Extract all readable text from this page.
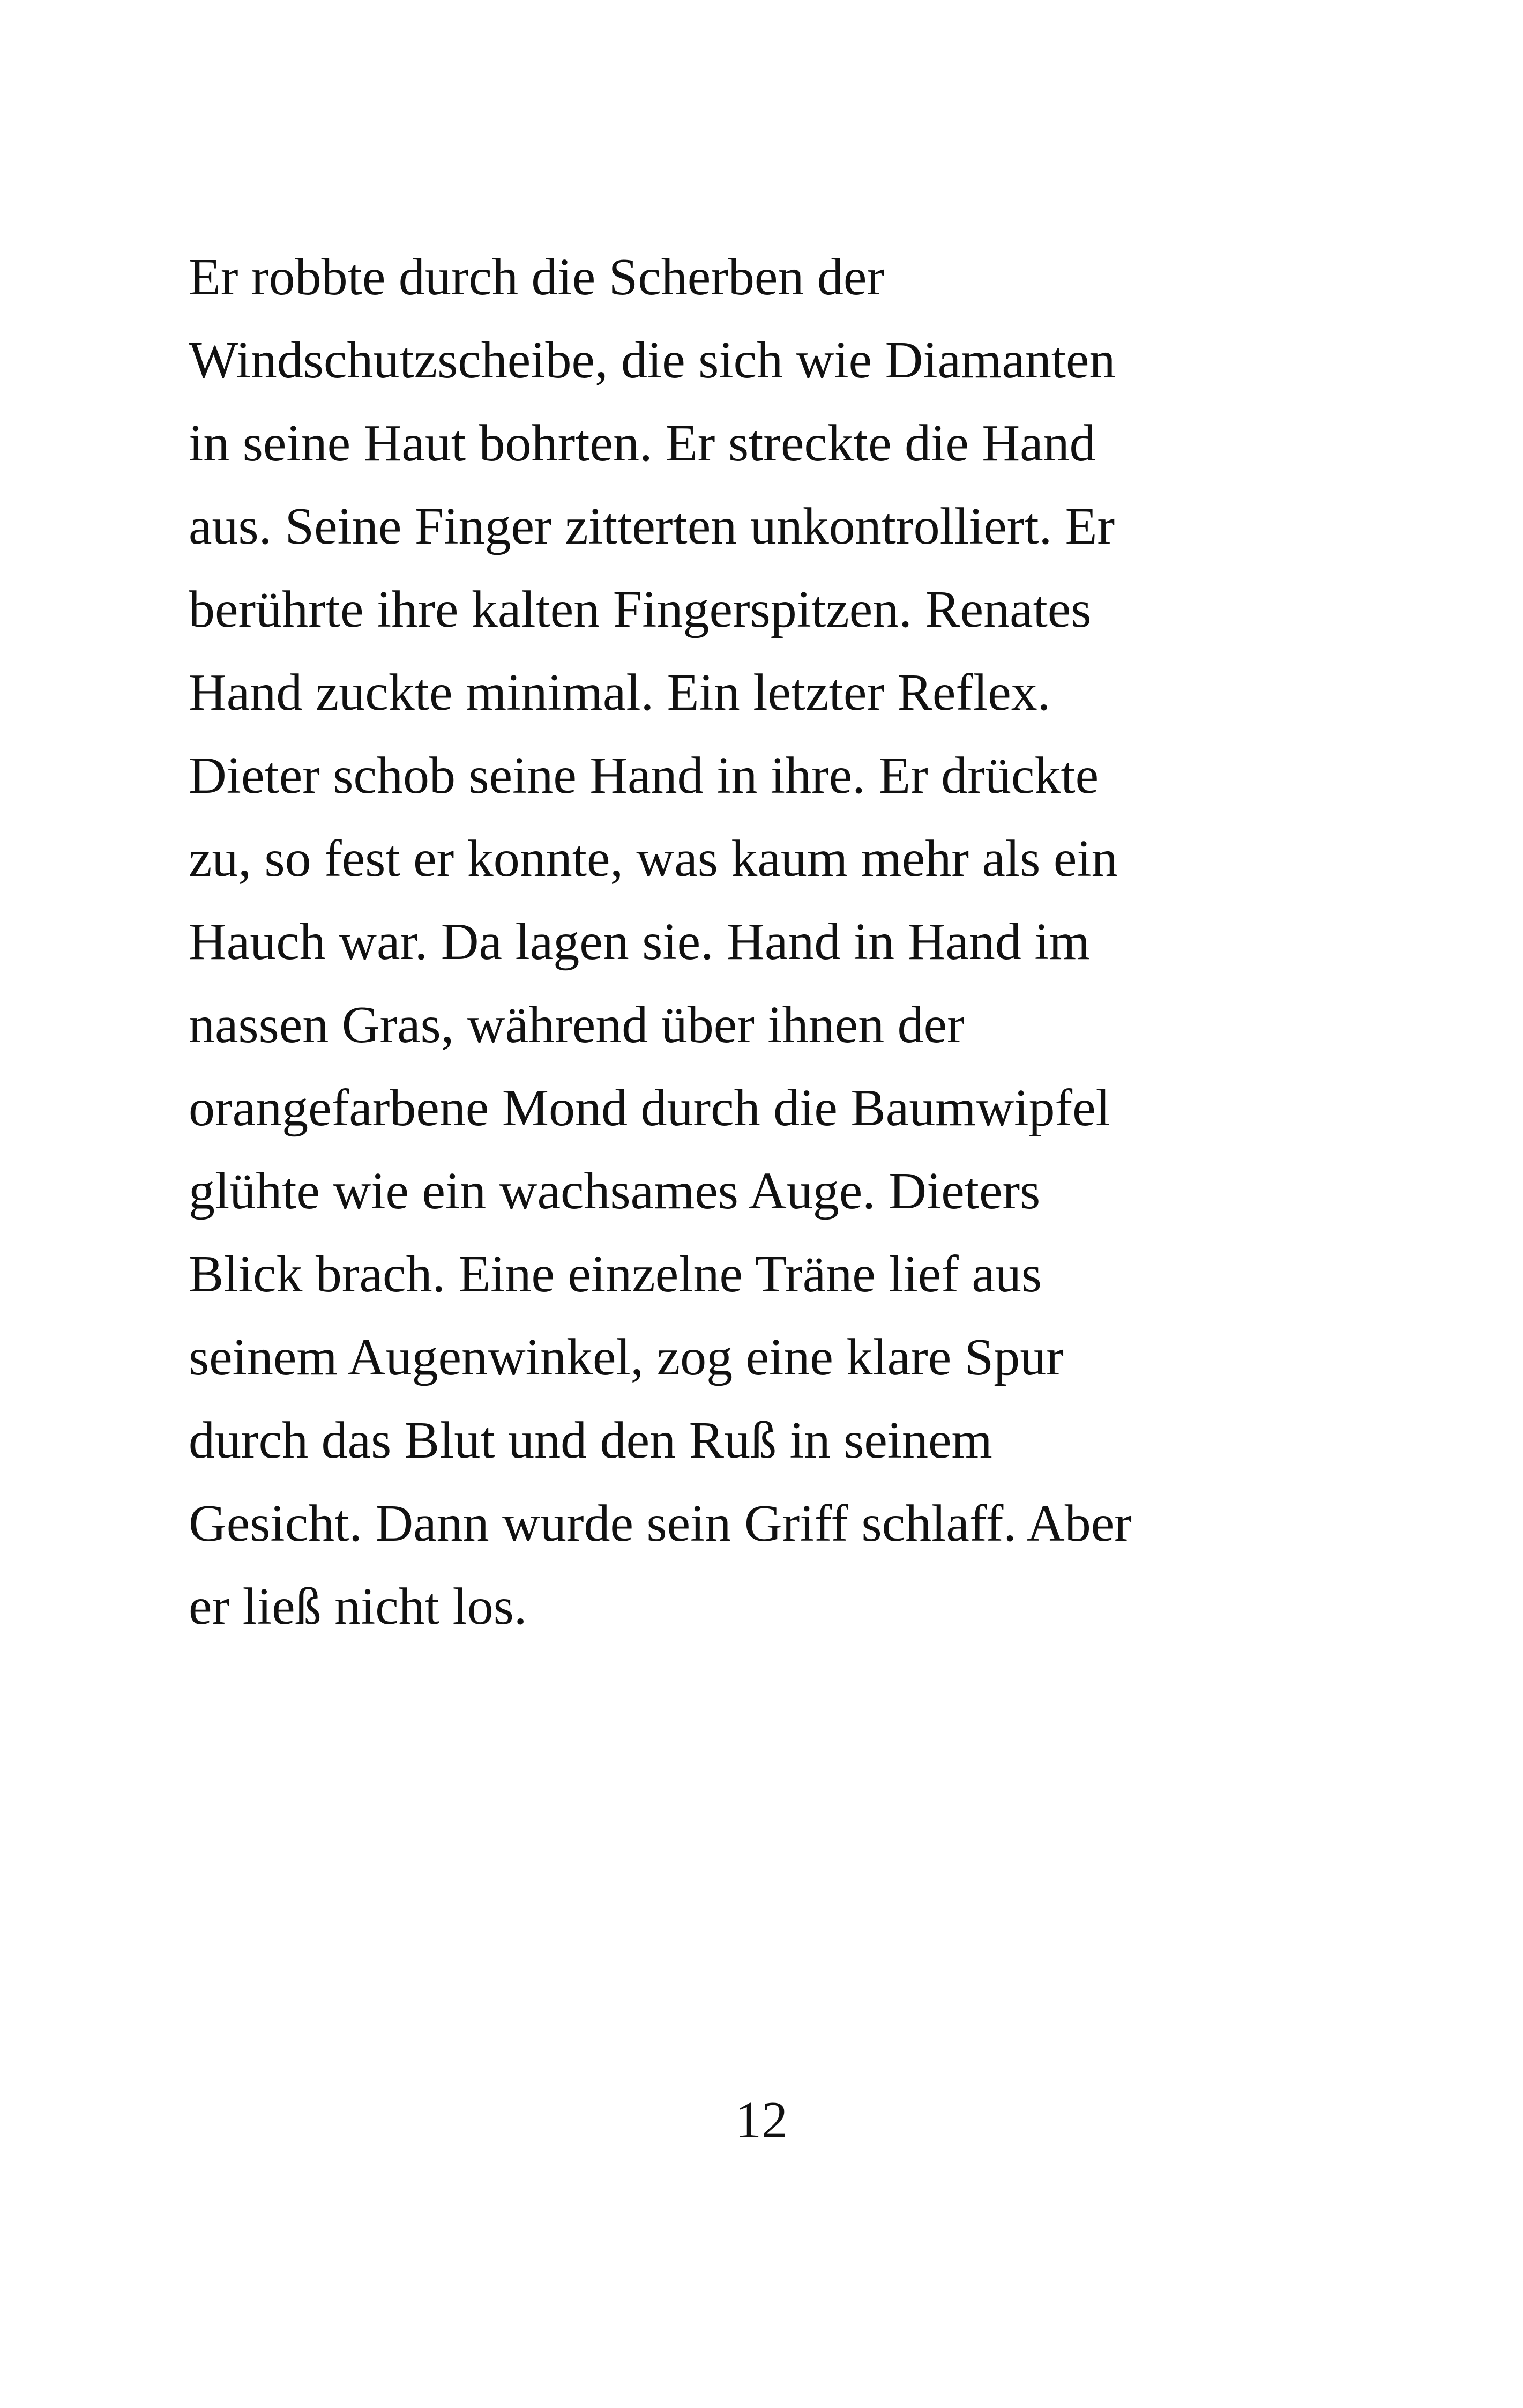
Er robbte durch die Scherben der
Windschutzscheibe, die sich wie Diamanten
in seine Haut bohrten. Er streckte die Hand
aus. Seine Finger zitterten unkontrolliert. Er
berührte ihre kalten Fingerspitzen. Renates
Hand zuckte minimal. Ein letzter Reflex.
Dieter schob seine Hand in ihre. Er drückte
zu, so fest er konnte, was kaum mehr als ein
Hauch war. Da lagen sie. Hand in Hand im
nassen Gras, während über ihnen der
orangefarbene Mond durch die Baumwipfel
glühte wie ein wachsames Auge. Dieters
Blick brach. Eine einzelne Träne lief aus
seinem Augenwinkel, zog eine klare Spur
durch das Blut und den Ruß in seinem
Gesicht. Dann wurde sein Griff schlaff. Aber
er ließ nicht los.
12
